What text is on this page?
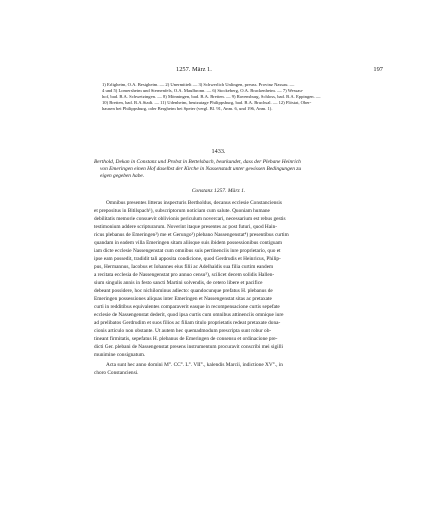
1257. März 1.	197
1) Erligheim, O.A. Besigheim. — 2) Unermittelt — 3) Schwerlich Unlingen, preuss. Provinz Nassau. —
4 und 5) Lomersheim und Sternenfels, O.A. Maulbronn. — 6) Stockeberg, O.A. Brackenheim. — 7) Wessau-
hof, bad. B.A. Schwetzingen. — 8) Mönningen, bad. B.A. Bretten. — 9) Ravensburg, Schloss, bad. B.A. Eppingen. —
10) Bretten, bad. B.A.Stadt. — 11) Udenheim, heutzutage Philippsburg, bad. B.A. Bruchsal. — 12) Flöstat, Ober-
hausen bei Philippsburg, oder Bergheim bei Speier (vergl. Bl. 91, Anm. 6, und 196, Anm. 1).
1433.
Berthold, Dekan in Constanz und Probst in Bettelsbach, beurkundet, dass der Plebane Heinrich
von Emeringen einen Hof daselbst der Kirche in Nassenstadt unter gewissen Bedingungen zu
eigen gegeben habe.
Constanz 1257. März 1.
Omnibus presentes litteras inspecturis Bertholdus, decanus ecclesie Constanciensis
et prepositus in Bitilspach¹), subscriptorum noticiam cum salute. Quoniam humane
debilitatis memorie consuevit oblivionis periculum novercari, necessarium est rebus gestis
testimonium addere scripturarum. Noverint itaque presentes ac post futuri, quod Hain-
ricus plebanus de Emeringen²) me et Gerungo³) plebano Nassengenstat⁴) presentibus curtim
quandam in eadem villa Emeringen sitam aliisque suis ibidem possessionibus contiguam
iam dicte ecclesie Nassengenstat cum omnibus suis pertinenciis inre proprietario, quo et
ipse eam possedit, tradidit tali apposita condicione, quod Gerdrudis et Heinricus, Philip-
pus, Hermannus, Iacobus et Iohannes eius filii ac Adelhaidis sua filia curtim eandem
a recitata ecclesia de Nassengenstat pro annuo censu⁵), scilicet decem solidis Hallen-
sium singulis annis in festo sancti Martini solvendis, de cetero libere et pacifice
debeant possidere, hoc nichilominus adiecto: quandocunque prefatus H. plebanus de
Emeringen possessiones aliquas inter Emeringen et Nassengenstat sitas ac pretaxate
curti in redditibus equivalentes comparaverit easque in recompensacione curtis sepefate
ecclesie de Nassengenstat dederit, quod ipsa curtis cum omnibus attinenciis omnique iure
ad prelibatos Gerdrudim et suos filios ac filiam titulo proprietatis redeat pretaxate dona-
cionis articulo non obstante. Ut autem hec quemadmodum prescripta sunt robur ob-
tineant firmitatis, sepefatus H. plebanus de Emeringen de consensu et ordinacione pre-
dicti Ger. plebani de Nassengenstat presens instrumentum procuravit conscribi mei sigilli
munimine consignatum.
Acta sunt hec anno domini M°. CC°. L°. VII°., kalendis Marcii, indictione XV°., in
choro Constanciensi.
